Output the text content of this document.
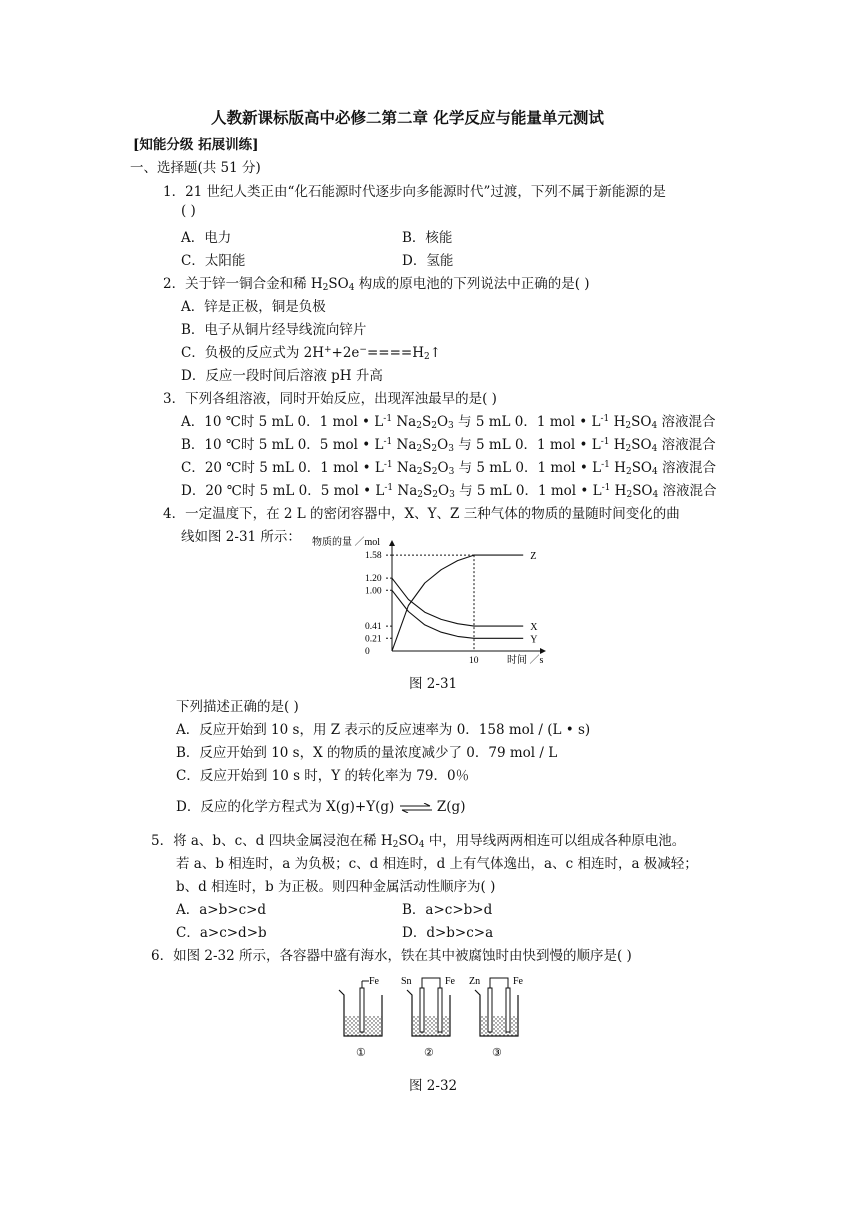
人教新课标版高中必修二第二章 化学反应与能量单元测试
[知能分级 拓展训练]
一、选择题(共 51 分)
1．21 世纪人类正由“化石能源时代逐步向多能源时代”过渡，下列不属于新能源的是
( )
A．电力	B．核能
C．太阳能	D．氢能
2．关于锌一铜合金和稀 $H_2SO_4$ 构成的原电池的下列说法中正确的是( )
A．锌是正极，铜是负极
B．电子从铜片经导线流向锌片
C．负极的反应式为 $2H^++2e^-====H_2↑$
D．反应一段时间后溶液 pH 升高
3．下列各组溶液，同时开始反应，出现浑浊最早的是( )
A．10 ℃时 5 mL 0．1 mol • $L^{-1}$ $Na_2S_2O_3$ 与 5 mL 0．1 mol • $L^{-1}$ $H_2SO_4$ 溶液混合
B．10 ℃时 5 mL 0．5 mol • $L^{-1}$ $Na_2S_2O_3$ 与 5 mL 0．1 mol • $L^{-1}$ $H_2SO_4$ 溶液混合
C．20 ℃时 5 mL 0．1 mol • $L^{-1}$ $Na_2S_2O_3$ 与 5 mL 0．1 mol • $L^{-1}$ $H_2SO_4$ 溶液混合
D．20 ℃时 5 mL 0．5 mol • $L^{-1}$ $Na_2S_2O_3$ 与 5 mL 0．1 mol • $L^{-1}$ $H_2SO_4$ 溶液混合
4．一定温度下，在 2 L 的密闭容器中，X、Y、Z 三种气体的物质的量随时间变化的曲
线如图 2-31 所示： 物质的量 ／mol
时间 ／s
1.58
1.20
1.00
0.41
0.21
0
Z
X
Y
10
图 2-31
下列描述正确的是( )
A．反应开始到 10 s，用 Z 表示的反应速率为 0．158 mol / (L • s)
B．反应开始到 10 s，X 的物质的量浓度减少了 0．79 mol / L
C．反应开始到 10 s 时，Y 的转化率为 79．0％
D．反应的化学方程式为 X(g)+Y(g) ⇌ Z(g)
5．将 a、b、c、d 四块金属浸泡在稀 $H_2SO_4$ 中，用导线两两相连可以组成各种原电池。
若 a、b 相连时，a 为负极；c、d 相连时，d 上有气体逸出，a、c 相连时，a 极减轻；
b、d 相连时，b 为正极。则四种金属活动性顺序为( )
A．a>b>c>d	B．a>c>b>d
C．a>c>d>b	D．d>b>c>a
6．如图 2-32 所示，各容器中盛有海水，铁在其中被腐蚀时由快到慢的顺序是( )
Fe
①
Sn	Fe
②
Zn	Fe
③
图 2-32
